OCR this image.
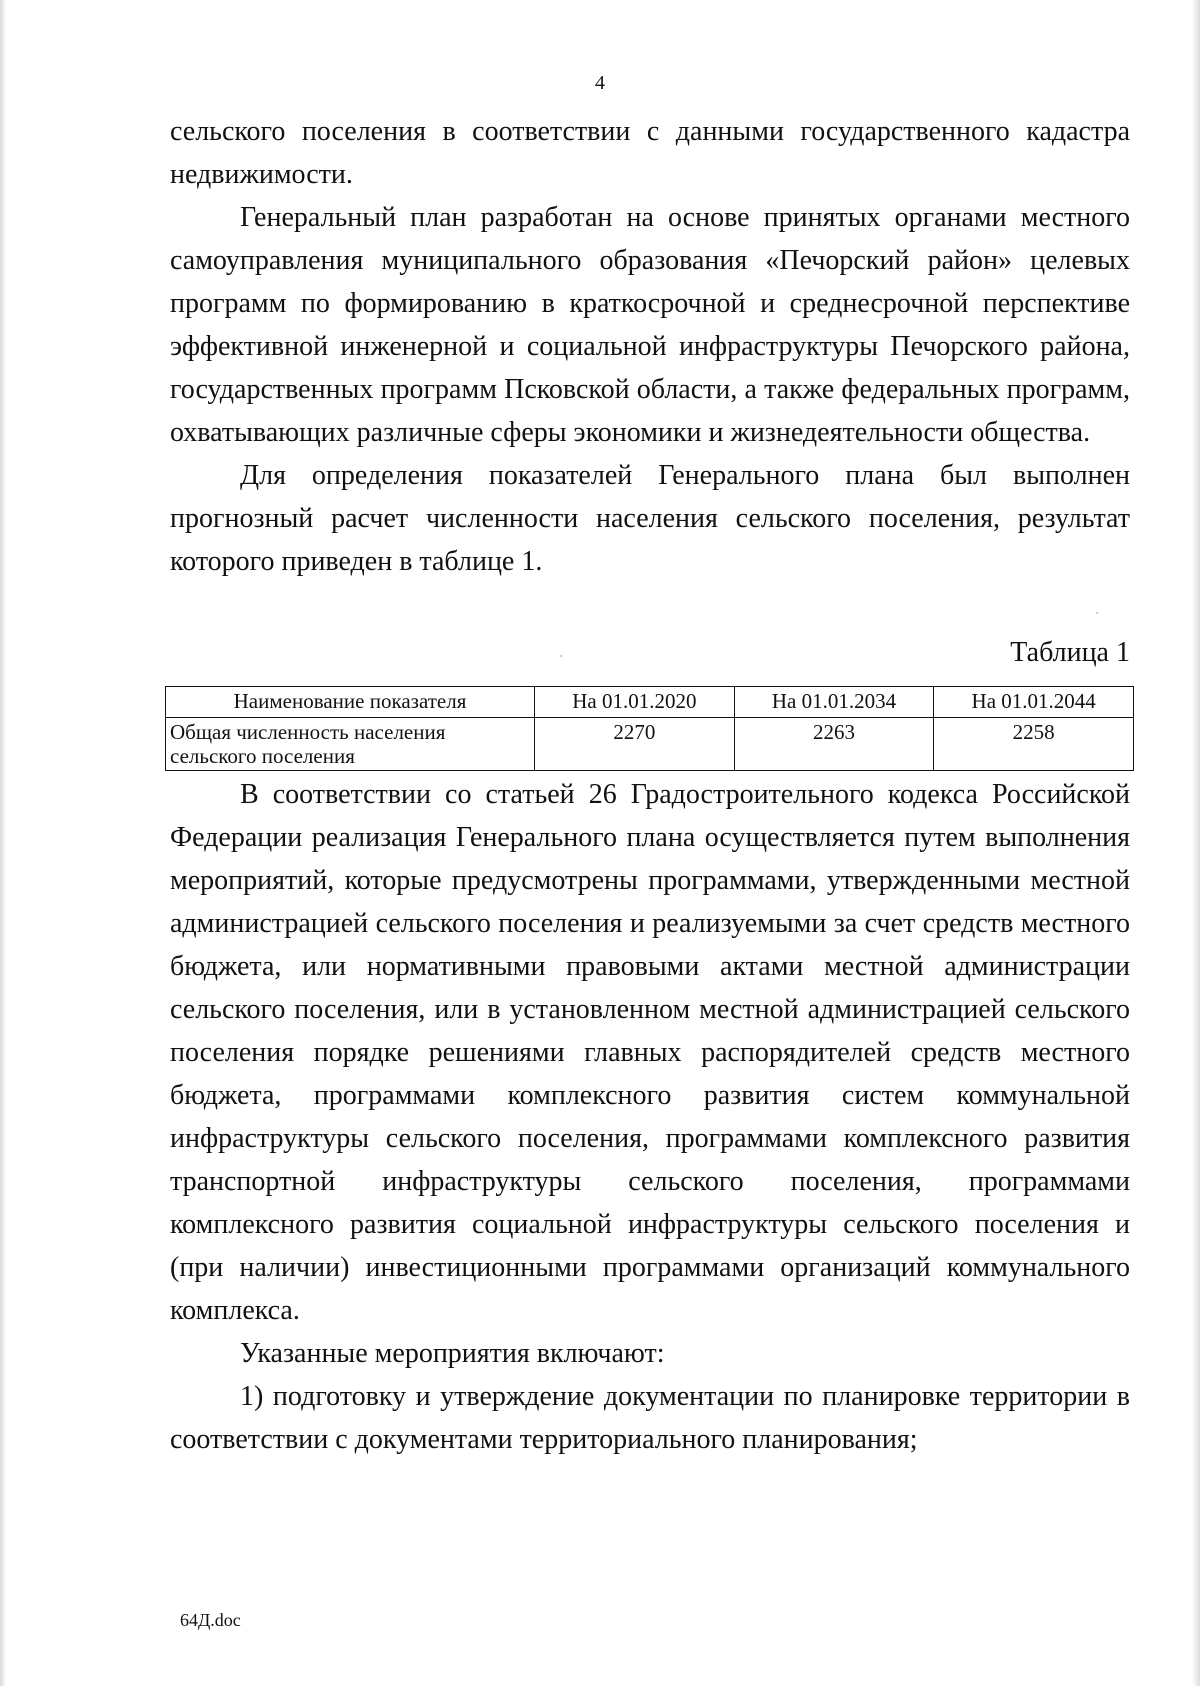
4

сельского поселения в соответствии с данными государственного кадастра недвижимости.

Генеральный план разработан на основе принятых органами местного самоуправления муниципального образования «Печорский район» целевых программ по формированию в краткосрочной и среднесрочной перспективе эффективной инженерной и социальной инфраструктуры Печорского района, государственных программ Псковской области, а также федеральных программ, охватывающих различные сферы экономики и жизнедеятельности общества.

Для определения показателей Генерального плана был выполнен прогнозный расчет численности населения сельского поселения, результат которого приведен в таблице 1.

Таблица 1
Наименование показателя	На 01.01.2020	На 01.01.2034	На 01.01.2044
Общая численность населения сельского поселения	2270	2263	2258

В соответствии со статьей 26 Градостроительного кодекса Российской Федерации реализация Генерального плана осуществляется путем выполнения мероприятий, которые предусмотрены программами, утвержденными местной администрацией сельского поселения и реализуемыми за счет средств местного бюджета, или нормативными правовыми актами местной администрации сельского поселения, или в установленном местной администрацией сельского поселения порядке решениями главных распорядителей средств местного бюджета, программами комплексного развития систем коммунальной инфраструктуры сельского поселения, программами комплексного развития транспортной инфраструктуры сельского поселения, программами комплексного развития социальной инфраструктуры сельского поселения и (при наличии) инвестиционными программами организаций коммунального комплекса.

Указанные мероприятия включают:

1) подготовку и утверждение документации по планировке территории в соответствии с документами территориального планирования;

64Д.doc
